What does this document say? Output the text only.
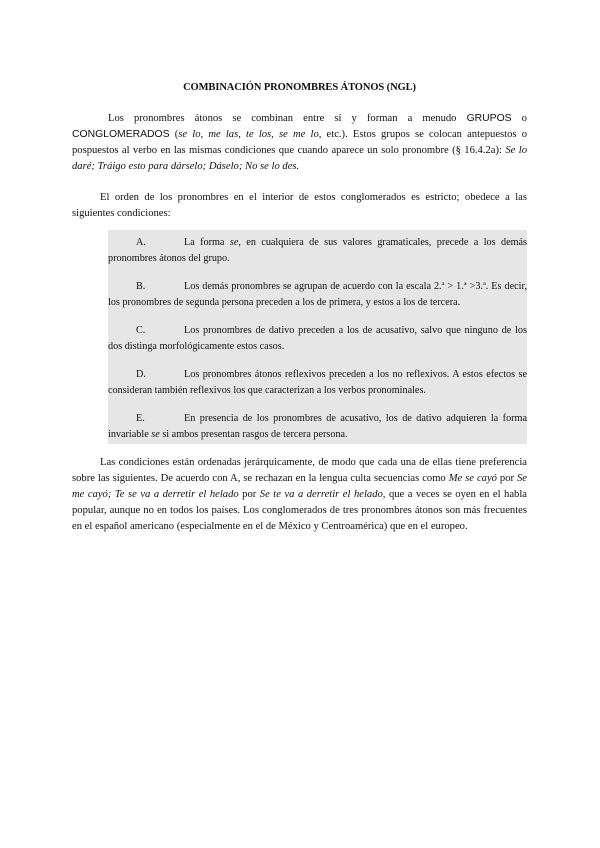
COMBINACIÓN PRONOMBRES ÁTONOS (NGL)

Los pronombres átonos se combinan entre sí y forman a menudo GRUPOS o CONGLOMERADOS (se lo, me las, te los, se me lo, etc.). Estos grupos se colocan antepuestos o pospuestos al verbo en las mismas condiciones que cuando aparece un solo pronombre (§ 16.4.2a): Se lo daré; Tráigo esto para dárselo; Dáselo; No se lo des.

El orden de los pronombres en el interior de estos conglomerados es estricto; obedece a las siguientes condiciones:

A.	La forma se, en cualquiera de sus valores gramaticales, precede a los demás pronombres átonos del grupo.

B.	Los demás pronombres se agrupan de acuerdo con la escala 2.ª > 1.ª >3.ª. Es decir, los pronombres de segunda persona preceden a los de primera, y estos a los de tercera.

C.	Los pronombres de dativo preceden a los de acusativo, salvo que ninguno de los dos distinga morfológicamente estos casos.

D.	Los pronombres átonos reflexivos preceden a los no reflexivos. A estos efectos se consideran también reflexivos los que caracterizan a los verbos pronominales.

E.	En presencia de los pronombres de acusativo, los de dativo adquieren la forma invariable se si ambos presentan rasgos de tercera persona.

Las condiciones están ordenadas jerárquicamente, de modo que cada una de ellas tiene preferencia sobre las siguientes. De acuerdo con A, se rechazan en la lengua culta secuencias como Me se cayó por Se me cayó; Te se va a derretir el helado por Se te va a derretir el helado, que a veces se oyen en el habla popular, aunque no en todos los países. Los conglomerados de tres pronombres átonos son más frecuentes en el español americano (especialmente en el de México y Centroamérica) que en el europeo.
